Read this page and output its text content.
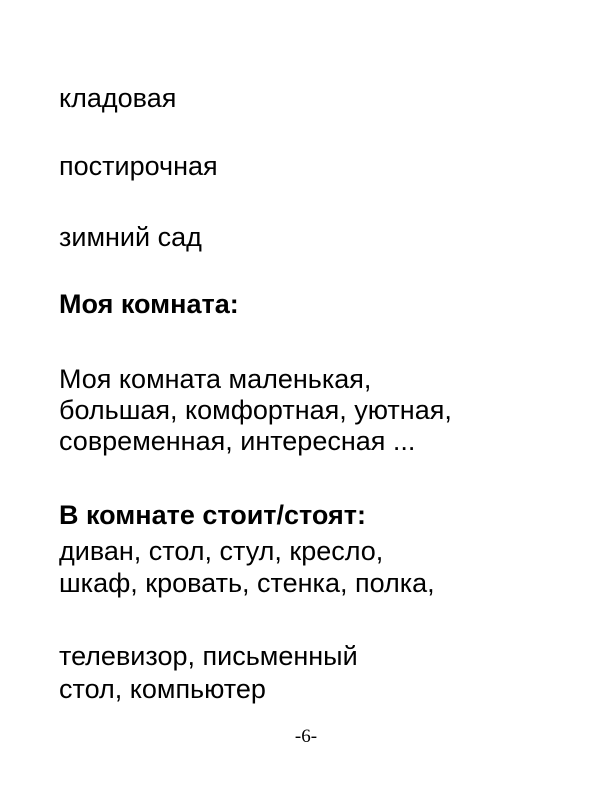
кладовая

постирочная

зимний сад

Моя комната:

Моя комната маленькая,

большая, комфортная, уютная,

современная, интересная ...

В комнате стоит/стоят:

диван, стол, стул, кресло,

шкаф, кровать, стенка, полка,

телевизор, письменный

стол, компьютер

-6-
